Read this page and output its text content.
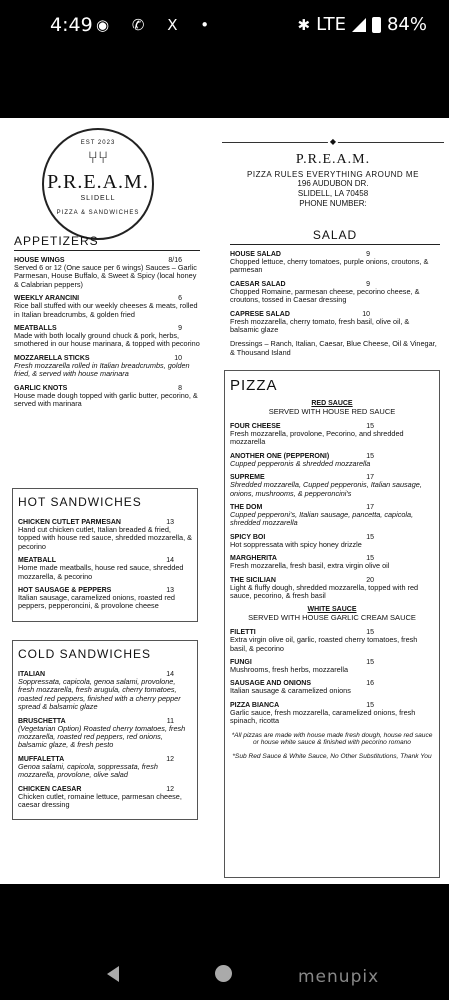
4:49 ◉ ✆ X •	✱ LTE 84%
EST 2023
⑂⑂
P.R.E.A.M.
SLIDELL
PIZZA & SANDWICHES
APPETIZERS
HOUSE WINGS	8/16
Served 6 or 12 (One sauce per 6 wings) Sauces – Garlic Parmesan, House Buffalo, & Sweet & Spicy (local honey & Calabrian peppers)
WEEKLY ARANCINI	6
Rice ball stuffed with our weekly cheeses & meats, rolled in Italian breadcrumbs, & golden fried
MEATBALLS	9
Made with both locally ground chuck & pork, herbs, smothered in our house marinara, & topped with pecorino
MOZZARELLA STICKS	10
Fresh mozzarella rolled in Italian breadcrumbs, golden fried, & served with house marinara
GARLIC KNOTS	8
House made dough topped with garlic butter, pecorino, & served with marinara
HOT SANDWICHES
CHICKEN CUTLET PARMESAN	13
Hand cut chicken cutlet, Italian breaded & fried, topped with house red sauce, shredded mozzarella, & pecorino
MEATBALL	14
Home made meatballs, house red sauce, shredded mozzarella, & pecorino
HOT SAUSAGE & PEPPERS	13
Italian sausage, caramelized onions, roasted red peppers, pepperoncini, & provolone cheese
COLD SANDWICHES
ITALIAN	14
Soppressata, capicola, genoa salami, provolone, fresh mozzarella, fresh arugula, cherry tomatoes, roasted red peppers, finished with a cherry pepper spread & balsamic glaze
BRUSCHETTA	11
(Vegetarian Option) Roasted cherry tomatoes, fresh mozzarella, roasted red peppers, red onions, balsamic glaze, & fresh pesto
MUFFALETTA	12
Genoa salami, capicola, soppressata, fresh mozzarella, provolone, olive salad
CHICKEN CAESAR	12
Chicken cutlet, romaine lettuce, parmesan cheese, caesar dressing
◆
P.R.E.A.M.
PIZZA RULES EVERYTHING AROUND ME
196 AUDUBON DR.
SLIDELL, LA 70458
PHONE NUMBER:
SALAD
HOUSE SALAD	9
Chopped lettuce, cherry tomatoes, purple onions, croutons, & parmesan
CAESAR SALAD	9
Chopped Romaine, parmesan cheese, pecorino cheese, & croutons, tossed in Caesar dressing
CAPRESE SALAD	10
Fresh mozzarella, cherry tomato, fresh basil, olive oil, & balsamic glaze
Dressings – Ranch, Italian, Caesar, Blue Cheese, Oil & Vinegar, & Thousand Island
PIZZA
RED SAUCE
SERVED WITH HOUSE RED SAUCE
FOUR CHEESE	15
Fresh mozzarella, provolone, Pecorino, and shredded mozzarella
ANOTHER ONE (PEPPERONI)	15
Cupped pepperonis & shredded mozzarella
SUPREME	17
Shredded mozzarella, Cupped pepperonis, Italian sausage, onions, mushrooms, & pepperoncini's
THE DOM	17
Cupped pepperoni's, Italian sausage, pancetta, capicola, shredded mozzarella
SPICY BOI	15
Hot soppressata with spicy honey drizzle
MARGHERITA	15
Fresh mozzarella, fresh basil, extra virgin olive oil
THE SICILIAN	20
Light & fluffy dough, shredded mozzarella, topped with red sauce, pecorino, & fresh basil
WHITE SAUCE
SERVED WITH HOUSE GARLIC CREAM SAUCE
FILETTI	15
Extra virgin olive oil, garlic, roasted cherry tomatoes, fresh basil, & pecorino
FUNGI	15
Mushrooms, fresh herbs, mozzarella
SAUSAGE AND ONIONS	16
Italian sausage & caramelized onions
PIZZA BIANCA	15
Garlic sauce, fresh mozzarella, caramelized onions, fresh spinach, ricotta
*All pizzas are made with house made fresh dough, house red sauce or house white sauce & finished with pecorino romano
*Sub Red Sauce & White Sauce, No Other Substitutions, Thank You
menupix
